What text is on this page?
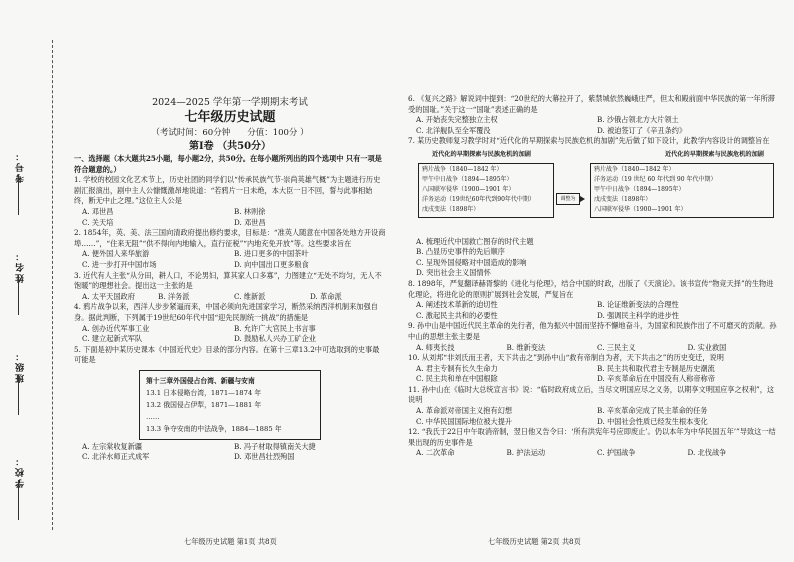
考号：
姓名：
班级：
学校：
2024—2025 学年第一学期期末考试
七年级历史试题
（考试时间：60分钟　　分值：100分 ）
第Ⅰ卷 （共50分）
一、选择题（本大题共25小题，每小题2分，共50分。在每小题所列出的四个选项中 只有一项是符合题意的。）
1. 学校的校园文化艺术节上，历史社团的同学们以“传承民族气节·崇尚英雄气概”为主题进行历史剧汇报演出，剧中主人公慷慨激昂地说道：“若鸦片一日未绝，本大臣一日不回，誓与此事相始终，断无中止之理。”这位主人公是
A. 邓世昌	B. 林则徐
C. 关天培	D. 邓世昌
2. 1854年，英、美、法三国向清政府提出修约要求，目标是：“准英人随意在中国各处地方开设商埠……”，“住来无阻”“供不得向内地输入，直行征税”“内地充免开放”等。这些要求旨在
A. 便外国人来华旅游	B. 进口更多的中国茶叶
C. 进一步打开中国市场	D. 向中国出口更多粮食
3. 近代有人主张“从分田，耕人口，不论男妇，算其家人口多寡”，力图建立“无处不均匀，无人不饱暖”的理想社会。提出这一主张的是
A. 太平天国政府	B. 洋务派	C. 维新派	D. 革命派
4. 鸦片战争以来，西洋人步步紧逼而来，中国必须向先进国家学习，断然采纳西洋机制来加强自身。据此判断，下列属于19世纪60年代中国“迎先民制统一挑战”的措施是
A. 创办近代军事工业	B. 允许广大官民上书言事
C. 建立起新式军队	D. 鼓励私人兴办工矿企业
5. 下面是初中某历史课本《中国近代史》目录的部分内容。在第十三章13.2中可选取到的史事最可能是
第十三章外国侵占台湾、新疆与安南
13.1 日本侵略台湾，1871—1874 年
13.2 俄国侵占伊犁，1871—1881 年
……
13.3 争夺安南的中法战争，1884—1885 年
A. 左宗棠收复新疆	B. 冯子材取得镇南关大捷
C. 北洋水师正式成军	D. 邓世昌壮烈殉国
七年级历史试题 第1页 共8页
6. 《复兴之路》解说词中提到：“20世纪的大幕拉开了，紫禁城依然巍峨庄严，但太和殿前面中华民族的第一年所滞受的国耻。”关于这一“国耻”表述正确的是
A. 开始丧失完整独立主权	B. 沙俄占领北方大片领土
C. 北洋舰队至全军覆没	D. 被迫签订了《辛丑条约》
7. 某历史教师复习教学时对“近代化的早期探索与民族危机的加剧”先后做了如下设计，此教学内容设计的调整旨在
近代化的早期探索与民族危机的加剧	近代化的早期探索与民族危机的加剧
鸦片战争（1840—1842 年）
甲午中日战争（1894—1895年）
八国联军侵华（1900—1901 年）
洋务运动（19世纪60年代到90年代中期）
戊戌变法（1898年）
调整为
鸦片战争（1840—1842 年）
洋务运动（19 世纪 60 年代到 90 年代中期）
甲午中日战争（1894—1895年）
戊戌变法（1898年）
八国联军侵华（1900—1901 年）
A. 梳理近代中国救亡图存的时代主题
B. 凸显历史事件的先后顺序
C. 呈现外国侵略对中国造成的影响
D. 突出社会主义国情怀
8. 1898年，严复翻译赫胥黎的《进化与伦理》，结合中国的时政，出版了《天演论》。该书宣传“物竞天择”的生物进化理论，将进化论的原则扩展到社会发展，严复旨在
A. 阐述技术革新的迫切性	B. 论证维新变法的合理性
C. 激起民主共和的必要性	D. 强调民主科学的进步性
9. 孙中山是中国近代民主革命的先行者，他为振兴中国而坚持不懈地奋斗，为国家和民族作出了不可磨灭的贡献。孙中山的思想主张主要是
A. 师夷长技	B. 维新变法	C. 三民主义	D. 实业救国
10. 从刘邦“非刘氏而王者，天下共击之”到孙中山“救有帝制自为者，天下共击之”的历史变迁，说明
A. 君主专制有长久生命力	B. 民主共和取代君主专制是历史潮流
C. 民主共和单在中国根除	D. 辛亥革命后在中国没有人称帝称帝
11. 孙中山在《临时大总统宣言书》说：“临时政府成立后，当尽文明国应尽之义务，以期享文明国应享之权利”，这说明
A. 革命派对帝国主义抱有幻想	B. 辛亥革命完成了民主革命的任务
C. 中华民国国际地位被大提升	D. 中国社会性质已经发生根本变化
12. “我氏于22日中午取消帝制，翌日他又告令曰：‘所有洪宪年号应即废止’。仍以本年为中华民国五年’”导致这一结果出现的历史事件是
A. 二次革命	B. 护法运动	C. 护国战争	D. 北伐战争
七年级历史试题 第2页 共8页
